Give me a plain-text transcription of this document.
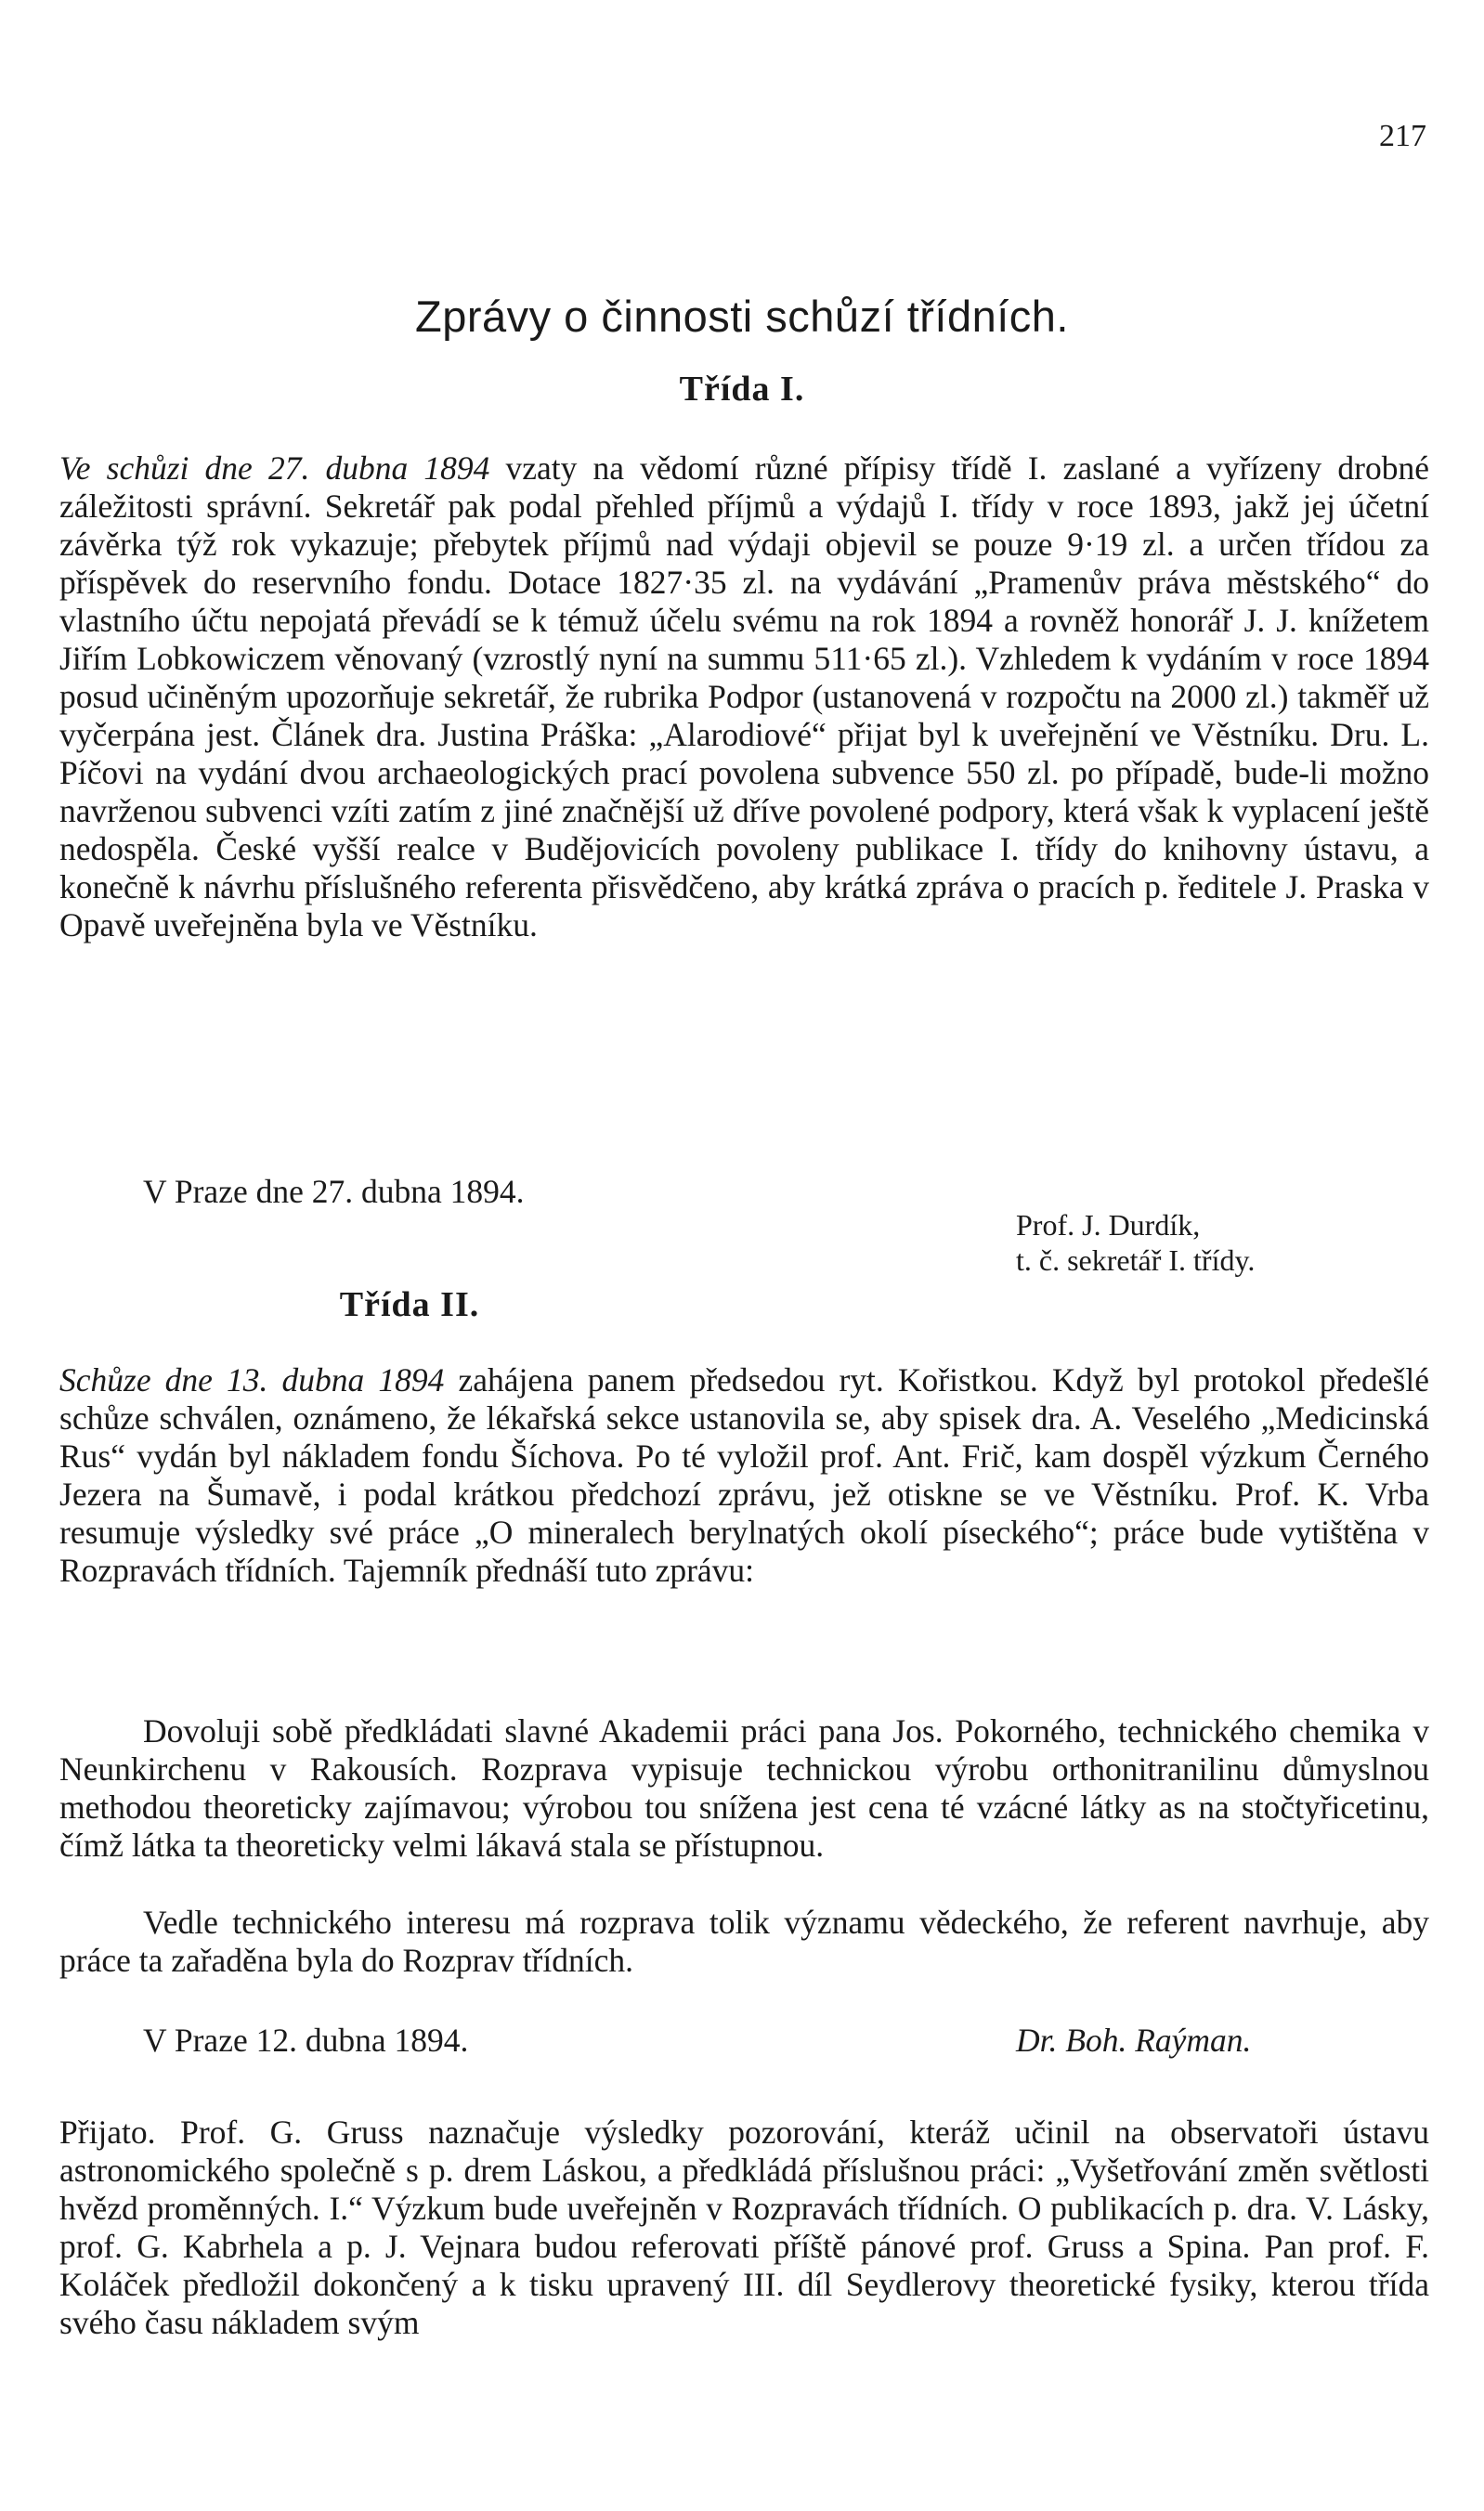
217
Zprávy o činnosti schůzí třídních.
Třída I.

Ve schůzi dne 27. dubna 1894 vzaty na vědomí různé přípisy třídě I. zaslané a vyřízeny drobné záležitosti správní. Sekretář pak podal přehled příjmů a výdajů I. třídy v roce 1893, jakž jej účetní závěrka týž rok vykazuje; přebytek příjmů nad výdaji objevil se pouze 9·19 zl. a určen třídou za příspěvek do reservního fondu. Dotace 1827·35 zl. na vydávání „Pramenův práva městského“ do vlastního účtu nepojatá převádí se k témuž účelu svému na rok 1894 a rovněž honorář J. J. knížetem Jiřím Lobkowiczem věnovaný (vzrostlý nyní na summu 511·65 zl.). Vzhledem k vydáním v roce 1894 posud učiněným upozorňuje sekretář, že rubrika Podpor (ustanovená v rozpočtu na 2000 zl.) takměř už vyčerpána jest. Článek dra. Justina Práška: „Alarodiové“ přijat byl k uveřejnění ve Věstníku. Dru. L. Píčovi na vydání dvou archaeologických prací povolena subvence 550 zl. po případě, bude-li možno navrženou subvenci vzíti zatím z jiné značnější už dříve povolené podpory, která však k vyplacení ještě nedospěla. České vyšší realce v Budějovicích povoleny publikace I. třídy do knihovny ústavu, a konečně k návrhu příslušného referenta přisvědčeno, aby krátká zpráva o pracích p. ředitele J. Praska v Opavě uveřejněna byla ve Věstníku.

V Praze dne 27. dubna 1894.

Prof. J. Durdík,
t. č. sekretář I. třídy.
Třída II.

Schůze dne 13. dubna 1894 zahájena panem předsedou ryt. Kořistkou. Když byl protokol předešlé schůze schválen, oznámeno, že lékařská sekce ustanovila se, aby spisek dra. A. Veselého „Medicinská Rus“ vydán byl nákladem fondu Šíchova. Po té vyložil prof. Ant. Frič, kam dospěl výzkum Černého Jezera na Šumavě, i podal krátkou předchozí zprávu, jež otiskne se ve Věstníku. Prof. K. Vrba resumuje výsledky své práce „O mineralech berylnatých okolí píseckého“; práce bude vytištěna v Rozpravách třídních. Tajemník přednáší tuto zprávu:

Dovoluji sobě předkládati slavné Akademii práci pana Jos. Pokorného, technického chemika v Neunkirchenu v Rakousích. Rozprava vypisuje technickou výrobu orthonitranilinu důmyslnou methodou theoreticky zajímavou; výrobou tou snížena jest cena té vzácné látky as na stočtyřicetinu, čímž látka ta theoreticky velmi lákavá stala se přístupnou.

Vedle technického interesu má rozprava tolik významu vědeckého, že referent navrhuje, aby práce ta zařaděna byla do Rozprav třídních.

V Praze 12. dubna 1894.	Dr. Boh. Raýman.

Přijato. Prof. G. Gruss naznačuje výsledky pozorování, kteráž učinil na observatoři ústavu astronomického společně s p. drem Láskou, a předkládá příslušnou práci: „Vyšetřování změn světlosti hvězd proměnných. I.“ Výzkum bude uveřejněn v Rozpravách třídních. O publikacích p. dra. V. Lásky, prof. G. Kabrhela a p. J. Vejnara budou referovati příště pánové prof. Gruss a Spina. Pan prof. F. Koláček předložil dokončený a k tisku upravený III. díl Seydlerovy theoretické fysiky, kterou třída svého času nákladem svým
